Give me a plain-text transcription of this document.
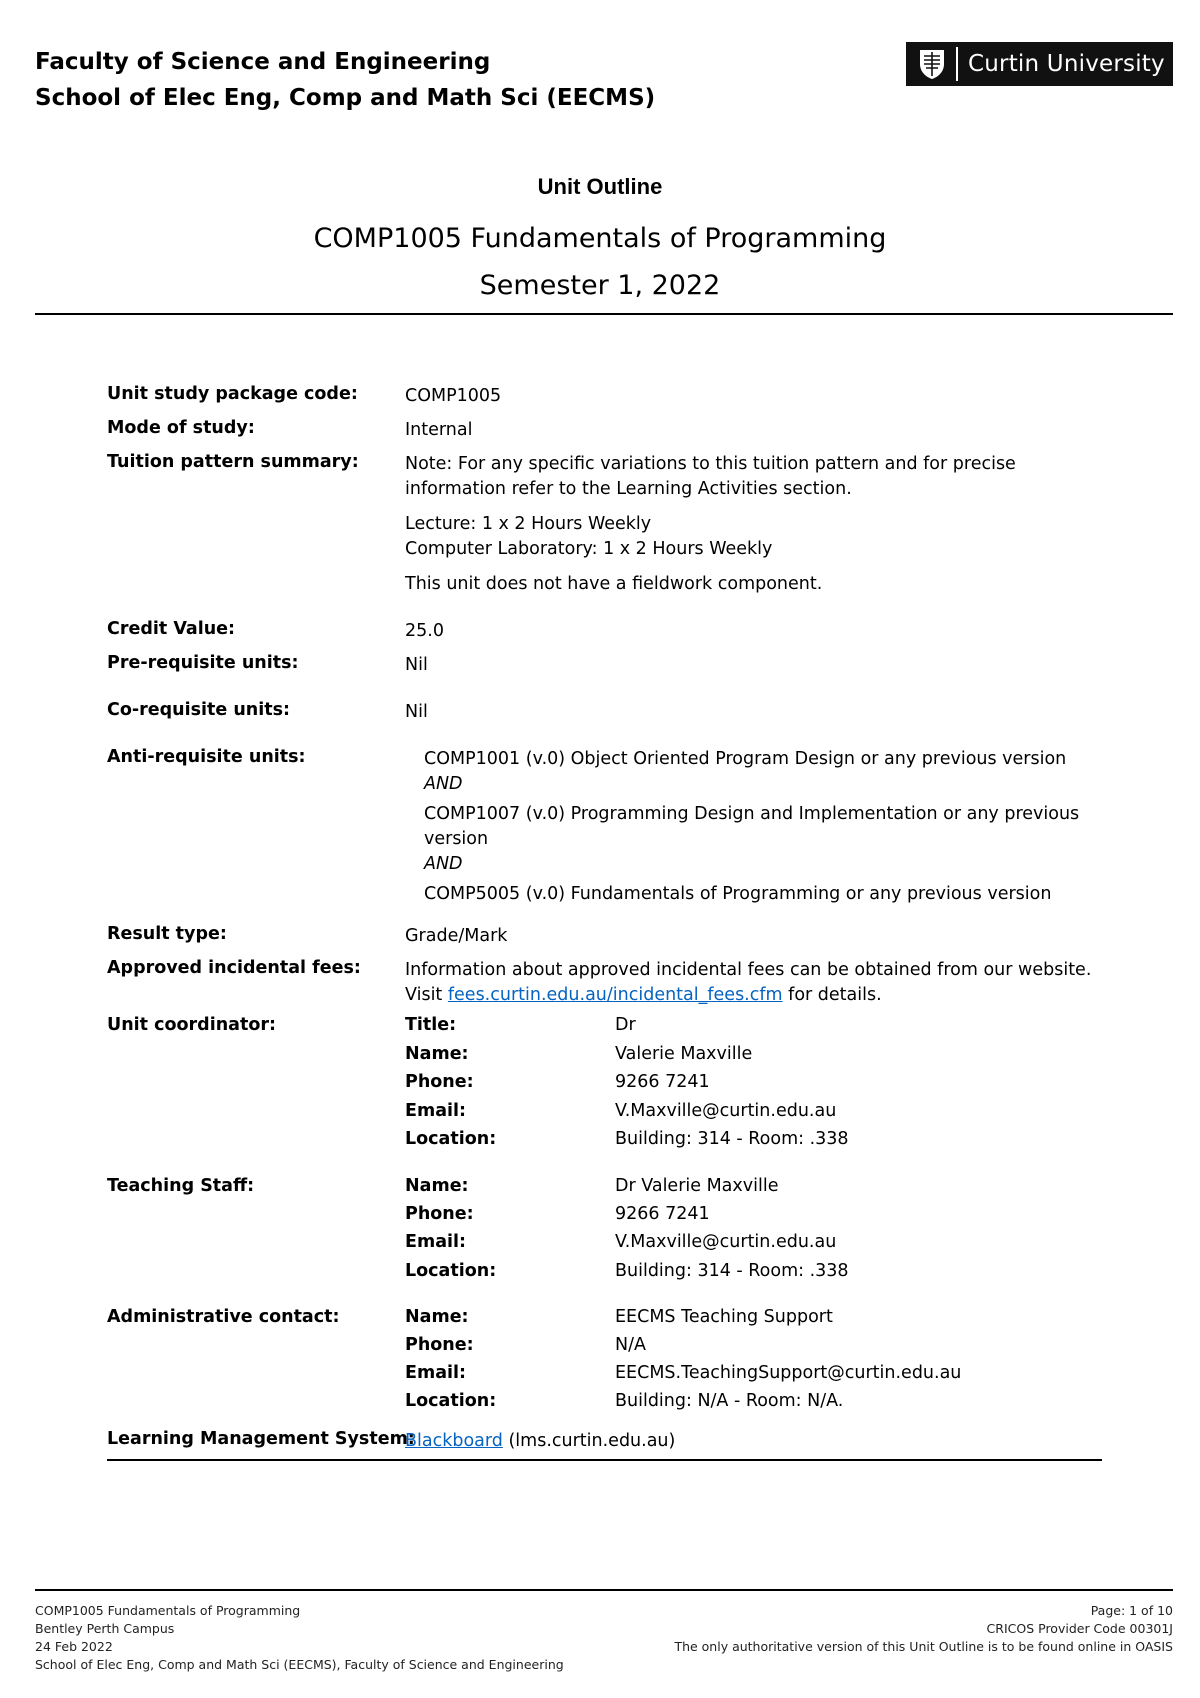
Faculty of Science and Engineering
School of Elec Eng, Comp and Math Sci (EECMS)
Curtin University
Unit Outline
COMP1005 Fundamentals of Programming
Semester 1, 2022
Unit study package code:	COMP1005
Mode of study:	Internal
Tuition pattern summary:	Note: For any specific variations to this tuition pattern and for precise information refer to the Learning Activities section.

Lecture: 1 x 2 Hours Weekly

Computer Laboratory: 1 x 2 Hours Weekly

This unit does not have a fieldwork component.

Credit Value:	25.0
Pre-requisite units:	Nil
Co-requisite units:	Nil
Anti-requisite units:	COMP1001 (v.0) Object Oriented Program Design or any previous version

AND

COMP1007 (v.0) Programming Design and Implementation or any previous version

AND

COMP5005 (v.0) Fundamentals of Programming or any previous version

Result type:	Grade/Mark
Approved incidental fees:	Information about approved incidental fees can be obtained from our website.

Visit fees.curtin.edu.au/incidental_fees.cfm for details.

Unit coordinator:	Title:	Dr
Name:	Valerie Maxville
Phone:	9266 7241
Email:	V.Maxville@curtin.edu.au
Location:	Building: 314 - Room: .338
Teaching Staff:	Name:	Dr Valerie Maxville
Phone:	9266 7241
Email:	V.Maxville@curtin.edu.au
Location:	Building: 314 - Room: .338
Administrative contact:	Name:	EECMS Teaching Support
Phone:	N/A
Email:	EECMS.TeachingSupport@curtin.edu.au
Location:	Building: N/A - Room: N/A.
Learning Management System:
Blackboard (lms.curtin.edu.au)
COMP1005 Fundamentals of Programming
Bentley Perth Campus
24 Feb 2022
School of Elec Eng, Comp and Math Sci (EECMS), Faculty of Science and Engineering
Page: 1 of 10
CRICOS Provider Code 00301J
The only authoritative version of this Unit Outline is to be found online in OASIS
